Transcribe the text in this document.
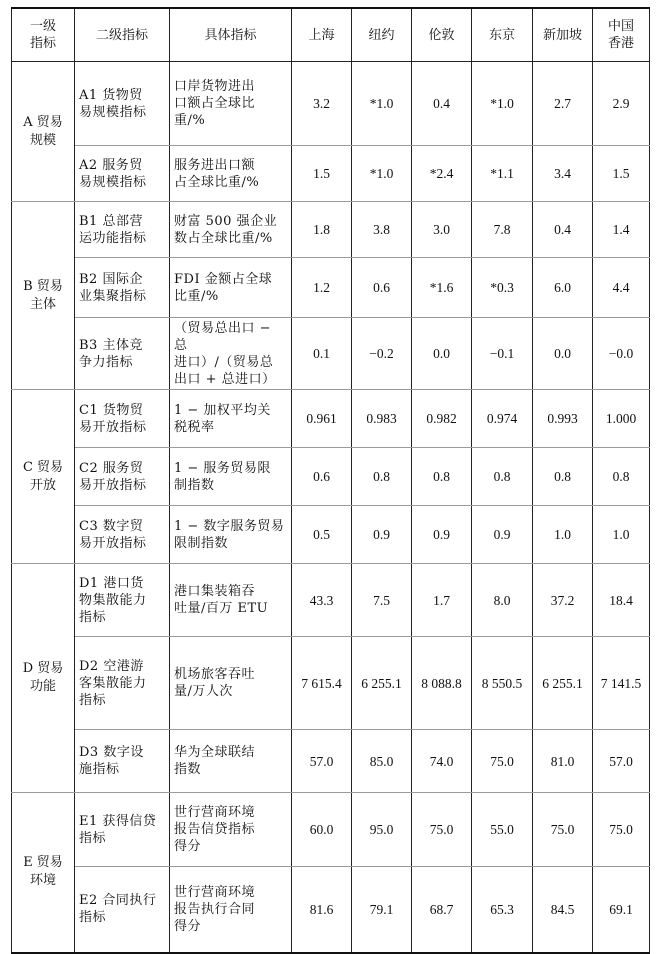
一级
指标	二级指标	具体指标	上海	纽约	伦敦	东京	新加坡	中国
香港
A 贸易
规模	A1 货物贸
易规模指标	口岸货物进出
口额占全球比
重/%	3.2	*1.0	0.4	*1.0	2.7	2.9
	A2 服务贸
易规模指标	服务进出口额
占全球比重/%	1.5	*1.0	*2.4	*1.1	3.4	1.5
B 贸易
主体	B1 总部营
运功能指标	财富 500 强企业
数占全球比重/%	1.8	3.8	3.0	7.8	0.4	1.4
	B2 国际企
业集聚指标	FDI 金额占全球
比重/%	1.2	0.6	*1.6	*0.3	6.0	4.4
	B3 主体竞
争力指标	（贸易总出口 − 总
进口）/（贸易总
出口 + 总进口）	0.1	−0.2	0.0	−0.1	0.0	−0.0
C 贸易
开放	C1 货物贸
易开放指标	1 − 加权平均关
税税率	0.961	0.983	0.982	0.974	0.993	1.000
	C2 服务贸
易开放指标	1 − 服务贸易限
制指数	0.6	0.8	0.8	0.8	0.8	0.8
	C3 数字贸
易开放指标	1 − 数字服务贸易
限制指数	0.5	0.9	0.9	0.9	1.0	1.0
D 贸易
功能	D1 港口货
物集散能力
指标	港口集装箱吞
吐量/百万 ETU	43.3	7.5	1.7	8.0	37.2	18.4
	D2 空港游
客集散能力
指标	机场旅客吞吐
量/万人次	7 615.4	6 255.1	8 088.8	8 550.5	6 255.1	7 141.5
	D3 数字设
施指标	华为全球联结
指数	57.0	85.0	74.0	75.0	81.0	57.0
E 贸易
环境	E1 获得信贷
指标	世行营商环境
报告信贷指标
得分	60.0	95.0	75.0	55.0	75.0	75.0
	E2 合同执行
指标	世行营商环境
报告执行合同
得分	81.6	79.1	68.7	65.3	84.5	69.1
